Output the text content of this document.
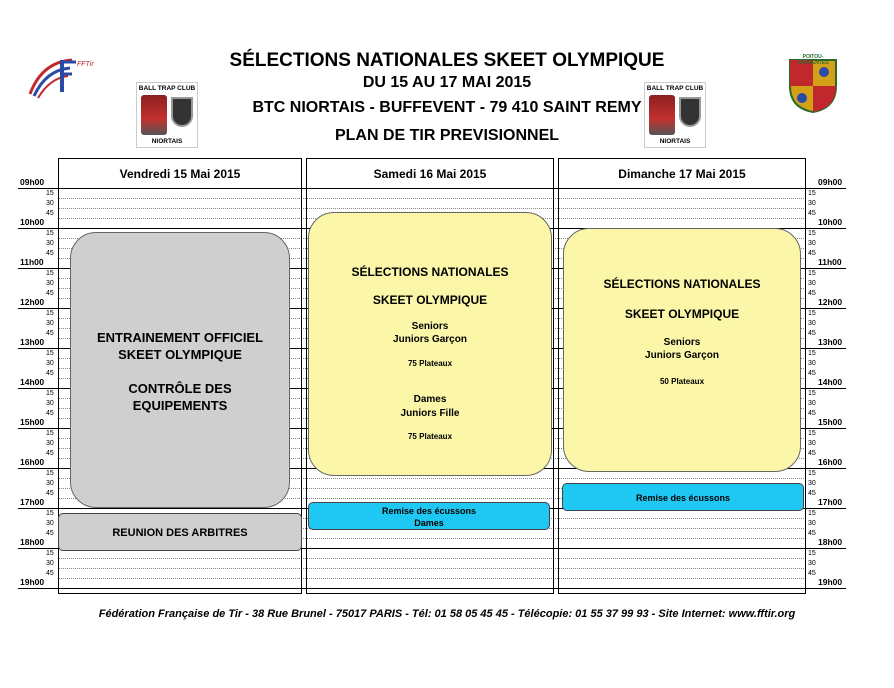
SÉLECTIONS NATIONALES SKEET OLYMPIQUE
DU 15 AU 17 MAI 2015
BTC NIORTAIS - BUFFEVENT - 79 410 SAINT REMY
PLAN DE TIR PREVISIONNEL
FFTir
BALL TRAP CLUB
NIORTAIS
BALL TRAP CLUB
NIORTAIS
POITOU-CHARENTES
09h00
15
30
45
10h00
15
30
45
11h00
15
30
45
12h00
15
30
45
13h00
15
30
45
14h00
15
30
45
15h00
15
30
45
16h00
15
30
45
17h00
15
30
45
18h00
15
30
45
19h00
09h00
15
30
45
10h00
15
30
45
11h00
15
30
45
12h00
15
30
45
13h00
15
30
45
14h00
15
30
45
15h00
15
30
45
16h00
15
30
45
17h00
15
30
45
18h00
15
30
45
19h00
Vendredi 15 Mai 2015	Samedi 16 Mai 2015	Dimanche 17 Mai 2015
ENTRAINEMENT OFFICIEL
SKEET OLYMPIQUE
CONTRÔLE DES
EQUIPEMENTS
REUNION DES ARBITRES
SÉLECTIONS NATIONALES
SKEET OLYMPIQUE
Seniors
Juniors Garçon
75 Plateaux
Dames
Juniors Fille
75 Plateaux
Remise des écussons
Dames
SÉLECTIONS NATIONALES
SKEET OLYMPIQUE
Seniors
Juniors Garçon
50 Plateaux
Remise des écussons
Fédération Française de Tir - 38 Rue Brunel - 75017 PARIS - Tél: 01 58 05 45 45 - Télécopie: 01 55 37 99 93 - Site Internet: www.fftir.org
